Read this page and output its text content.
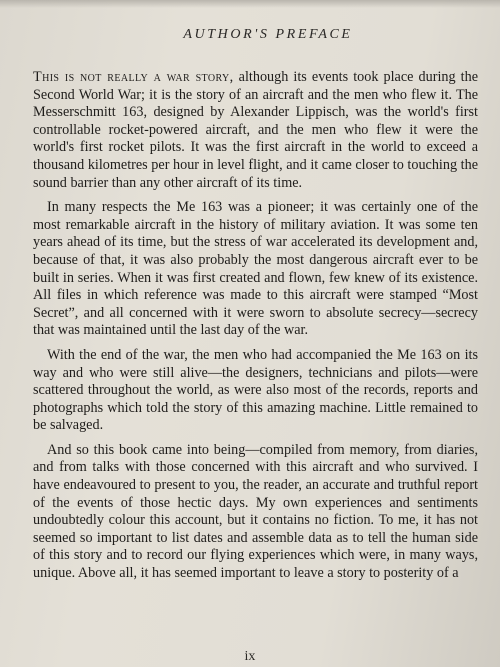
AUTHOR'S PREFACE

This is not really a war story, although its events took place during the Second World War; it is the story of an aircraft and the men who flew it. The Messerschmitt 163, designed by Alexander Lippisch, was the world's first controllable rocket-powered aircraft, and the men who flew it were the world's first rocket pilots. It was the first aircraft in the world to exceed a thousand kilometres per hour in level flight, and it came closer to touching the sound barrier than any other aircraft of its time.

In many respects the Me 163 was a pioneer; it was certainly one of the most remarkable aircraft in the history of military aviation. It was some ten years ahead of its time, but the stress of war accelerated its development and, because of that, it was also probably the most dangerous aircraft ever to be built in series. When it was first created and flown, few knew of its existence. All files in which reference was made to this aircraft were stamped “Most Secret”, and all concerned with it were sworn to absolute secrecy—secrecy that was maintained until the last day of the war.

With the end of the war, the men who had accompanied the Me 163 on its way and who were still alive—the designers, technicians and pilots—were scattered throughout the world, as were also most of the records, reports and photographs which told the story of this amazing machine. Little remained to be salvaged.

And so this book came into being—compiled from memory, from diaries, and from talks with those concerned with this aircraft and who survived. I have endeavoured to present to you, the reader, an accurate and truthful report of the events of those hectic days. My own experiences and sentiments undoubtedly colour this account, but it contains no fiction. To me, it has not seemed so important to list dates and assemble data as to tell the human side of this story and to record our flying experiences which were, in many ways, unique. Above all, it has seemed important to leave a story to posterity of a

ix
